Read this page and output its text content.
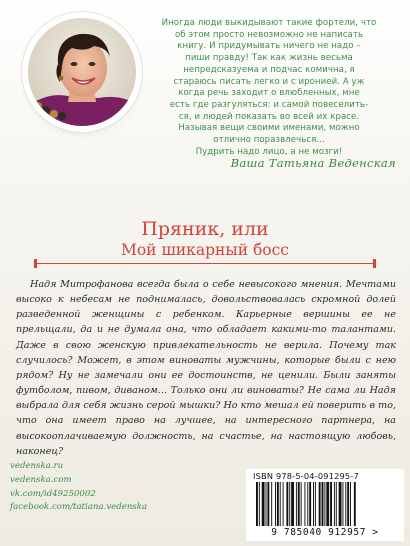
Иногда люди выкидывают такие фортели, что
об этом просто невозможно не написать
книгу. И придумывать ничего не надо –
пиши правду! Так как жизнь весьма
непредсказуема и подчас комична, я
стараюсь писать легко и с иронией. А уж
когда речь заходит о влюбленных, мне
есть где разгуляться: и самой повеселить-
ся, и людей показать во всей их красе.
Называя вещи своими именами, можно
отлично поразвлечься...
Пудрить надо лицо, а не мозги!
Ваша Татьяна Веденская
Пряник, или
Мой шикарный босс
Надя Митрофанова всегда была о себе невысокого мнения. Мечтами высоко к небесам не поднималась, довольствовалась скромной долей разведенной женщины с ребенком. Карьерные вершины ее не прельщали, да и не думала она, что обладает какими-то талантами. Даже в свою женскую привлекательность не верила. Почему так случилось? Может, в этом виноваты мужчины, которые были с нею рядом? Ну не замечали они ее достоинств, не ценили. Были заняты футболом, пивом, диваном... Только они ли виноваты? Не сама ли Надя выбрала для себя жизнь серой мышки? Но кто мешал ей поверить в то, что она имеет право на лучшее, на интересного партнера, на высокооплачиваемую должность, на счастье, на настоящую любовь, наконец?
vedenska.ru
vedenska.com
vk.com/id49250002
facebook.com/tatiana.vedenska
ISBN 978-5-04-091295-7
9 785040 912957 >
